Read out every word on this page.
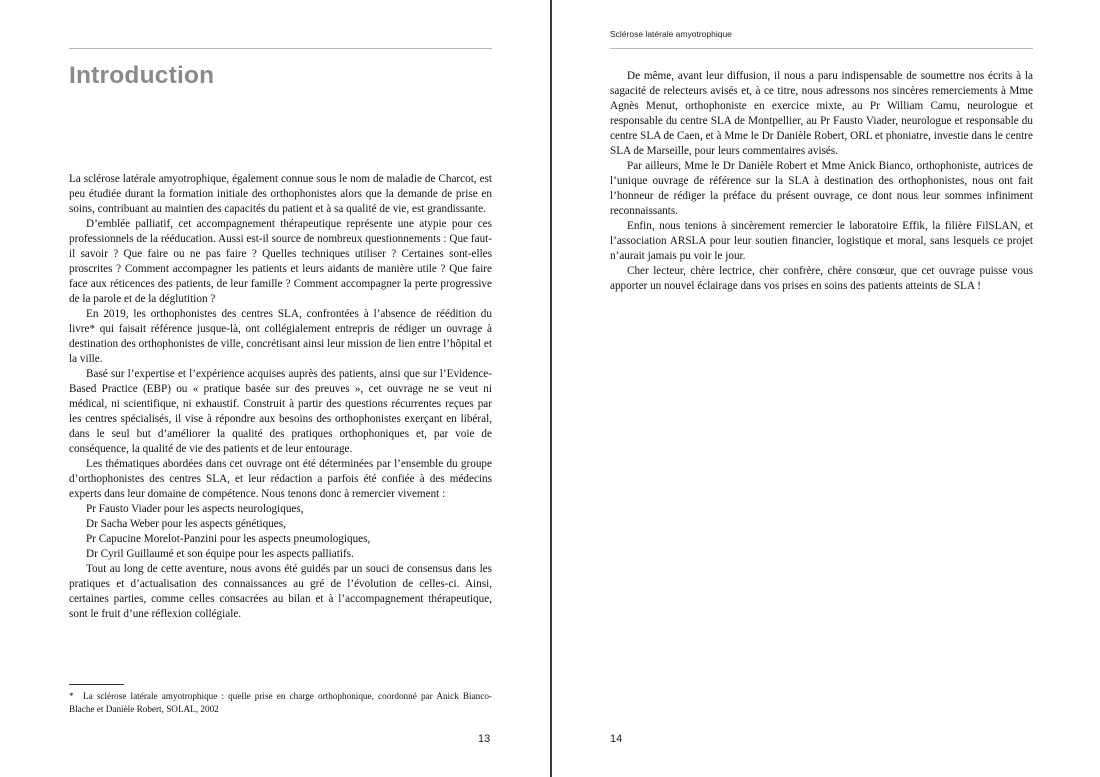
Introduction

La sclérose latérale amyotrophique, également connue sous le nom de maladie de Charcot, est peu étudiée durant la formation initiale des orthophonistes alors que la demande de prise en soins, contribuant au maintien des capacités du patient et à sa qualité de vie, est grandissante.

D’emblée palliatif, cet accompagnement thérapeutique représente une atypie pour ces professionnels de la rééducation. Aussi est-il source de nombreux questionnements : Que faut-il savoir ? Que faire ou ne pas faire ? Quelles techniques utiliser ? Certaines sont-elles proscrites ? Comment accompagner les patients et leurs aidants de manière utile ? Que faire face aux réticences des patients, de leur famille ? Comment accompagner la perte progressive de la parole et de la déglutition ?

En 2019, les orthophonistes des centres SLA, confrontées à l’absence de réédition du livre* qui faisait référence jusque-là, ont collégialement entrepris de rédiger un ouvrage à destination des orthophonistes de ville, concrétisant ainsi leur mission de lien entre l’hôpital et la ville.

Basé sur l’expertise et l’expérience acquises auprès des patients, ainsi que sur l’Evidence-Based Practice (EBP) ou « pratique basée sur des preuves », cet ouvrage ne se veut ni médical, ni scientifique, ni exhaustif. Construit à partir des questions récurrentes reçues par les centres spécialisés, il vise à répondre aux besoins des orthophonistes exerçant en libéral, dans le seul but d’améliorer la qualité des pratiques orthophoniques et, par voie de conséquence, la qualité de vie des patients et de leur entourage.

Les thématiques abordées dans cet ouvrage ont été déterminées par l’ensemble du groupe d’orthophonistes des centres SLA, et leur rédaction a parfois été confiée à des médecins experts dans leur domaine de compétence. Nous tenons donc à remercier vivement :

Pr Fausto Viader pour les aspects neurologiques,
Dr Sacha Weber pour les aspects génétiques,
Pr Capucine Morelot-Panzini pour les aspects pneumologiques,
Dr Cyril Guillaumé et son équipe pour les aspects palliatifs.

Tout au long de cette aventure, nous avons été guidés par un souci de consensus dans les pratiques et d’actualisation des connaissances au gré de l’évolution de celles-ci. Ainsi, certaines parties, comme celles consacrées au bilan et à l’accompagnement thérapeutique, sont le fruit d’une réflexion collégiale.

* La sclérose latérale amyotrophique : quelle prise en charge orthophonique, coordonné par Anick Bianco-Blache et Danièle Robert, SOLAL, 2002
13
Sclérose latérale amyotrophique

De même, avant leur diffusion, il nous a paru indispensable de soumettre nos écrits à la sagacité de relecteurs avisés et, à ce titre, nous adressons nos sincères remerciements à Mme Agnès Menut, orthophoniste en exercice mixte, au Pr William Camu, neurologue et responsable du centre SLA de Montpellier, au Pr Fausto Viader, neurologue et responsable du centre SLA de Caen, et à Mme le Dr Danièle Robert, ORL et phoniatre, investie dans le centre SLA de Marseille, pour leurs commentaires avisés.

Par ailleurs, Mme le Dr Danièle Robert et Mme Anick Bianco, orthophoniste, autrices de l’unique ouvrage de référence sur la SLA à destination des orthophonistes, nous ont fait l’honneur de rédiger la préface du présent ouvrage, ce dont nous leur sommes infiniment reconnaissants.

Enfin, nous tenions à sincèrement remercier le laboratoire Effik, la filière FilSLAN, et l’association ARSLA pour leur soutien financier, logistique et moral, sans lesquels ce projet n’aurait jamais pu voir le jour.

Cher lecteur, chère lectrice, cher confrère, chère consœur, que cet ouvrage puisse vous apporter un nouvel éclairage dans vos prises en soins des patients atteints de SLA !

14
